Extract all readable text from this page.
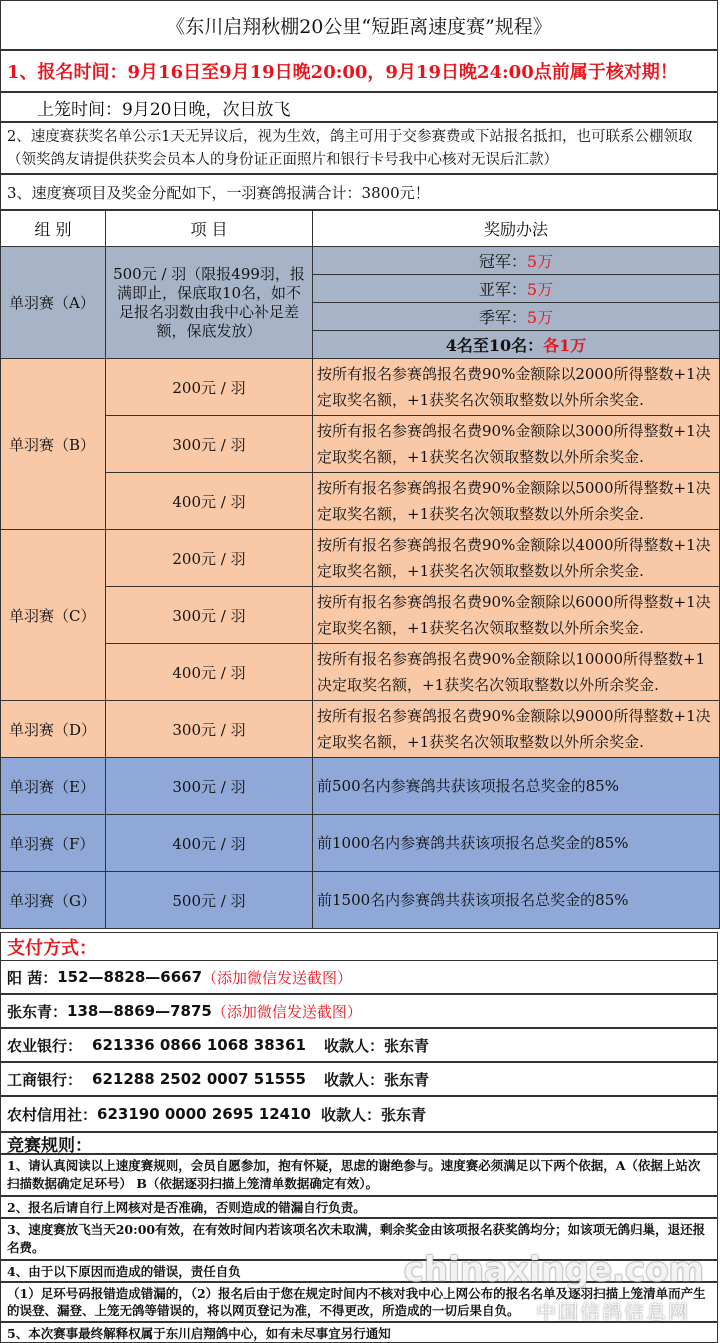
《东川启翔秋棚20公里“短距离速度赛”规程》
1、报名时间： 9月16日至9月19日晚20:00，9月19日晚24:00点前属于核对期！
上笼时间：9月20日晚，次日放飞
2、速度赛获奖名单公示1天无异议后，视为生效，鸽主可用于交参赛费或下站报名抵扣，也可联系公棚领取（领奖鸽友请提供获奖会员本人的身份证正面照片和银行卡号我中心核对无误后汇款）
3、速度赛项目及奖金分配如下，一羽赛鸽报满合计：3800元！
组 别	项 目	奖励办法
单羽赛（A）	500元 / 羽（限报499羽，报满即止，保底取10名，如不足报名羽数由我中心补足差额，保底发放）	冠军：5万
		亚军：5万
		季军：5万
		4名至10名：各1万
单羽赛（B）	200元 / 羽	按所有报名参赛鸽报名费90%金额除以2000所得整数+1决定取奖名额，+1获奖名次领取整数以外所余奖金.
	300元 / 羽	按所有报名参赛鸽报名费90%金额除以3000所得整数+1决定取奖名额，+1获奖名次领取整数以外所余奖金.
	400元 / 羽	按所有报名参赛鸽报名费90%金额除以5000所得整数+1决定取奖名额，+1获奖名次领取整数以外所余奖金.
单羽赛（C）	200元 / 羽	按所有报名参赛鸽报名费90%金额除以4000所得整数+1决定取奖名额，+1获奖名次领取整数以外所余奖金.
	300元 / 羽	按所有报名参赛鸽报名费90%金额除以6000所得整数+1决定取奖名额，+1获奖名次领取整数以外所余奖金.
	400元 / 羽	按所有报名参赛鸽报名费90%金额除以10000所得整数+1决定取奖名额，+1获奖名次领取整数以外所余奖金.
单羽赛（D）	300元 / 羽	按所有报名参赛鸽报名费90%金额除以9000所得整数+1决定取奖名额，+1获奖名次领取整数以外所余奖金.
单羽赛（E）	300元 / 羽	前500名内参赛鸽共获该项报名总奖金的85%
单羽赛（F）	400元 / 羽	前1000名内参赛鸽共获该项报名总奖金的85%
单羽赛（G）	500元 / 羽	前1500名内参赛鸽共获该项报名总奖金的85%
支付方式：
阳 茜： 152—8828—6667 （添加微信发送截图）
张东青： 138—8869—7875 （添加微信发送截图）
农业银行： 621336 0866 1068 38361 收款人：张东青
工商银行： 621288 2502 0007 51555 收款人：张东青
农村信用社： 623190 0000 2695 12410 收款人：张东青
竞赛规则：
1、请认真阅读以上速度赛规则，会员自愿参加，抱有怀疑，思虑的谢绝参与。速度赛必须满足以下两个依据，A（依据上站次扫描数据确定足环号） B（依据逐羽扫描上笼清单数据确定有效）。
2、报名后请自行上网核对是否准确，否则造成的错漏自行负责。
3、速度赛放飞当天20:00有效，在有效时间内若该项名次未取满，剩余奖金由该项报名获奖鸽均分；如该项无鸽归巢，退还报名费。
4、由于以下原因而造成的错误，责任自负
（1）足环号码报错造成错漏的，（2）报名后由于您在规定时间内不核对我中心上网公布的报名名单及逐羽扫描上笼清单而产生的误登、漏登、上笼无鸽等错误的，将以网页登记为准，不得更改，所造成的一切后果自负。
5、本次赛事最终解释权属于东川启翔鸽中心，如有未尽事宜另行通知
chinaxinge.com
中国信鸽信息网
